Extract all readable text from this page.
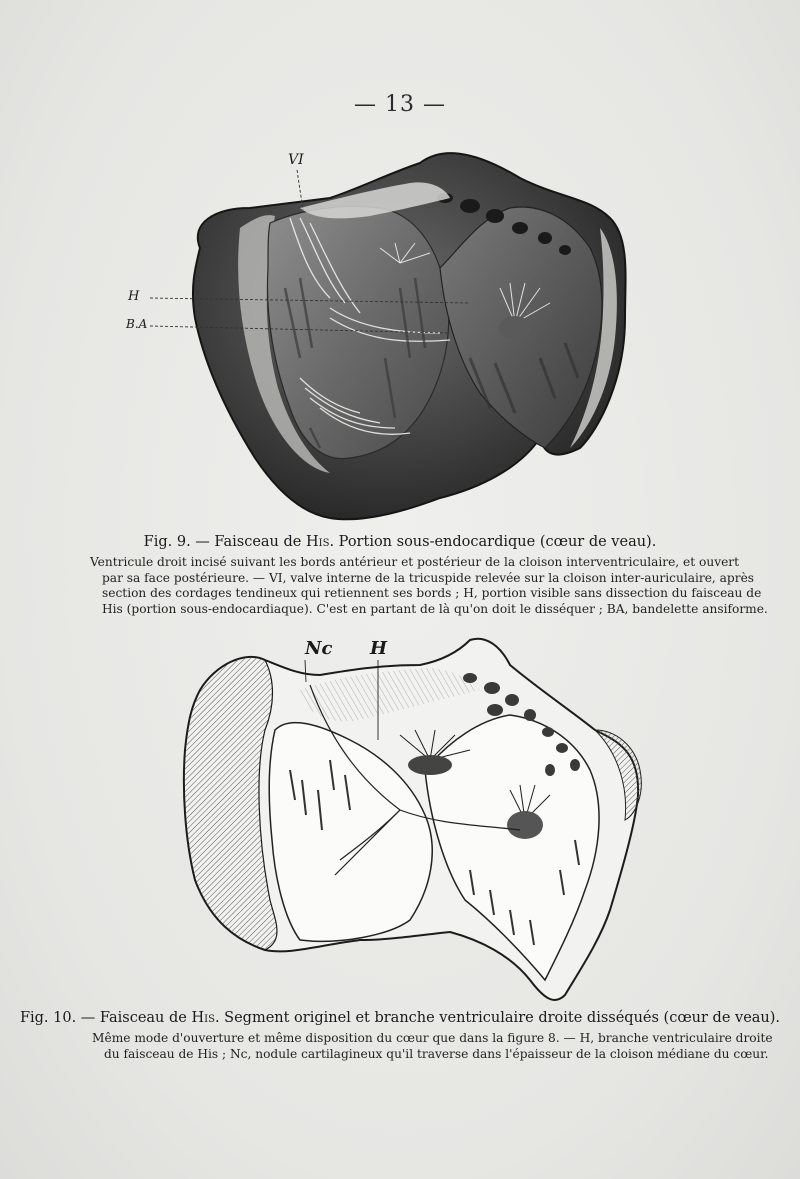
— 13 —
VI
H
B.A
Fig. 9. — Faisceau de His. Portion sous-endocardique (cœur de veau).
Ventricule droit incisé suivant les bords antérieur et postérieur de la cloison interventriculaire, et ouvert
par sa face postérieure. — VI, valve interne de la tricuspide relevée sur la cloison inter-auriculaire, après
section des cordages tendineux qui retiennent ses bords ; H, portion visible sans dissection du faisceau de
His (portion sous-endocardiaque). C'est en partant de là qu'on doit le disséquer ; BA, bandelette ansiforme.
Nc H
Fig. 10. — Faisceau de His. Segment originel et branche ventriculaire droite disséqués (cœur de veau).
Même mode d'ouverture et même disposition du cœur que dans la figure 8. — H, branche ventriculaire droite
du faisceau de His ; Nc, nodule cartilagineux qu'il traverse dans l'épaisseur de la cloison médiane du cœur.
